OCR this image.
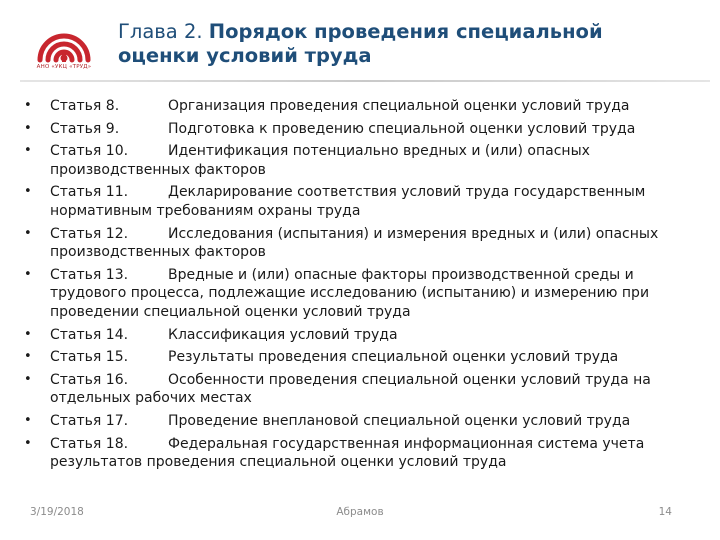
АНО «УКЦ «ТРУД»
Глава 2. Порядок проведения специальной
оценки условий труда
• Статья 8.	Организация проведения специальной оценки условий труда
• Статья 9.	Подготовка к проведению специальной оценки условий труда
• Статья 10.	Идентификация потенциально вредных и (или) опасных производственных факторов
• Статья 11.	Декларирование соответствия условий труда государственным нормативным требованиям охраны труда
• Статья 12.	Исследования (испытания) и измерения вредных и (или) опасных производственных факторов
• Статья 13.	Вредные и (или) опасные факторы производственной среды и трудового процесса, подлежащие исследованию (испытанию) и измерению при проведении специальной оценки условий труда
• Статья 14.	Классификация условий труда
• Статья 15.	Результаты проведения специальной оценки условий труда
• Статья 16.	Особенности проведения специальной оценки условий труда на отдельных рабочих местах
• Статья 17.	Проведение внеплановой специальной оценки условий труда
• Статья 18.	Федеральная государственная информационная система учета результатов проведения специальной оценки условий труда
3/19/2018	Абрамов	14
